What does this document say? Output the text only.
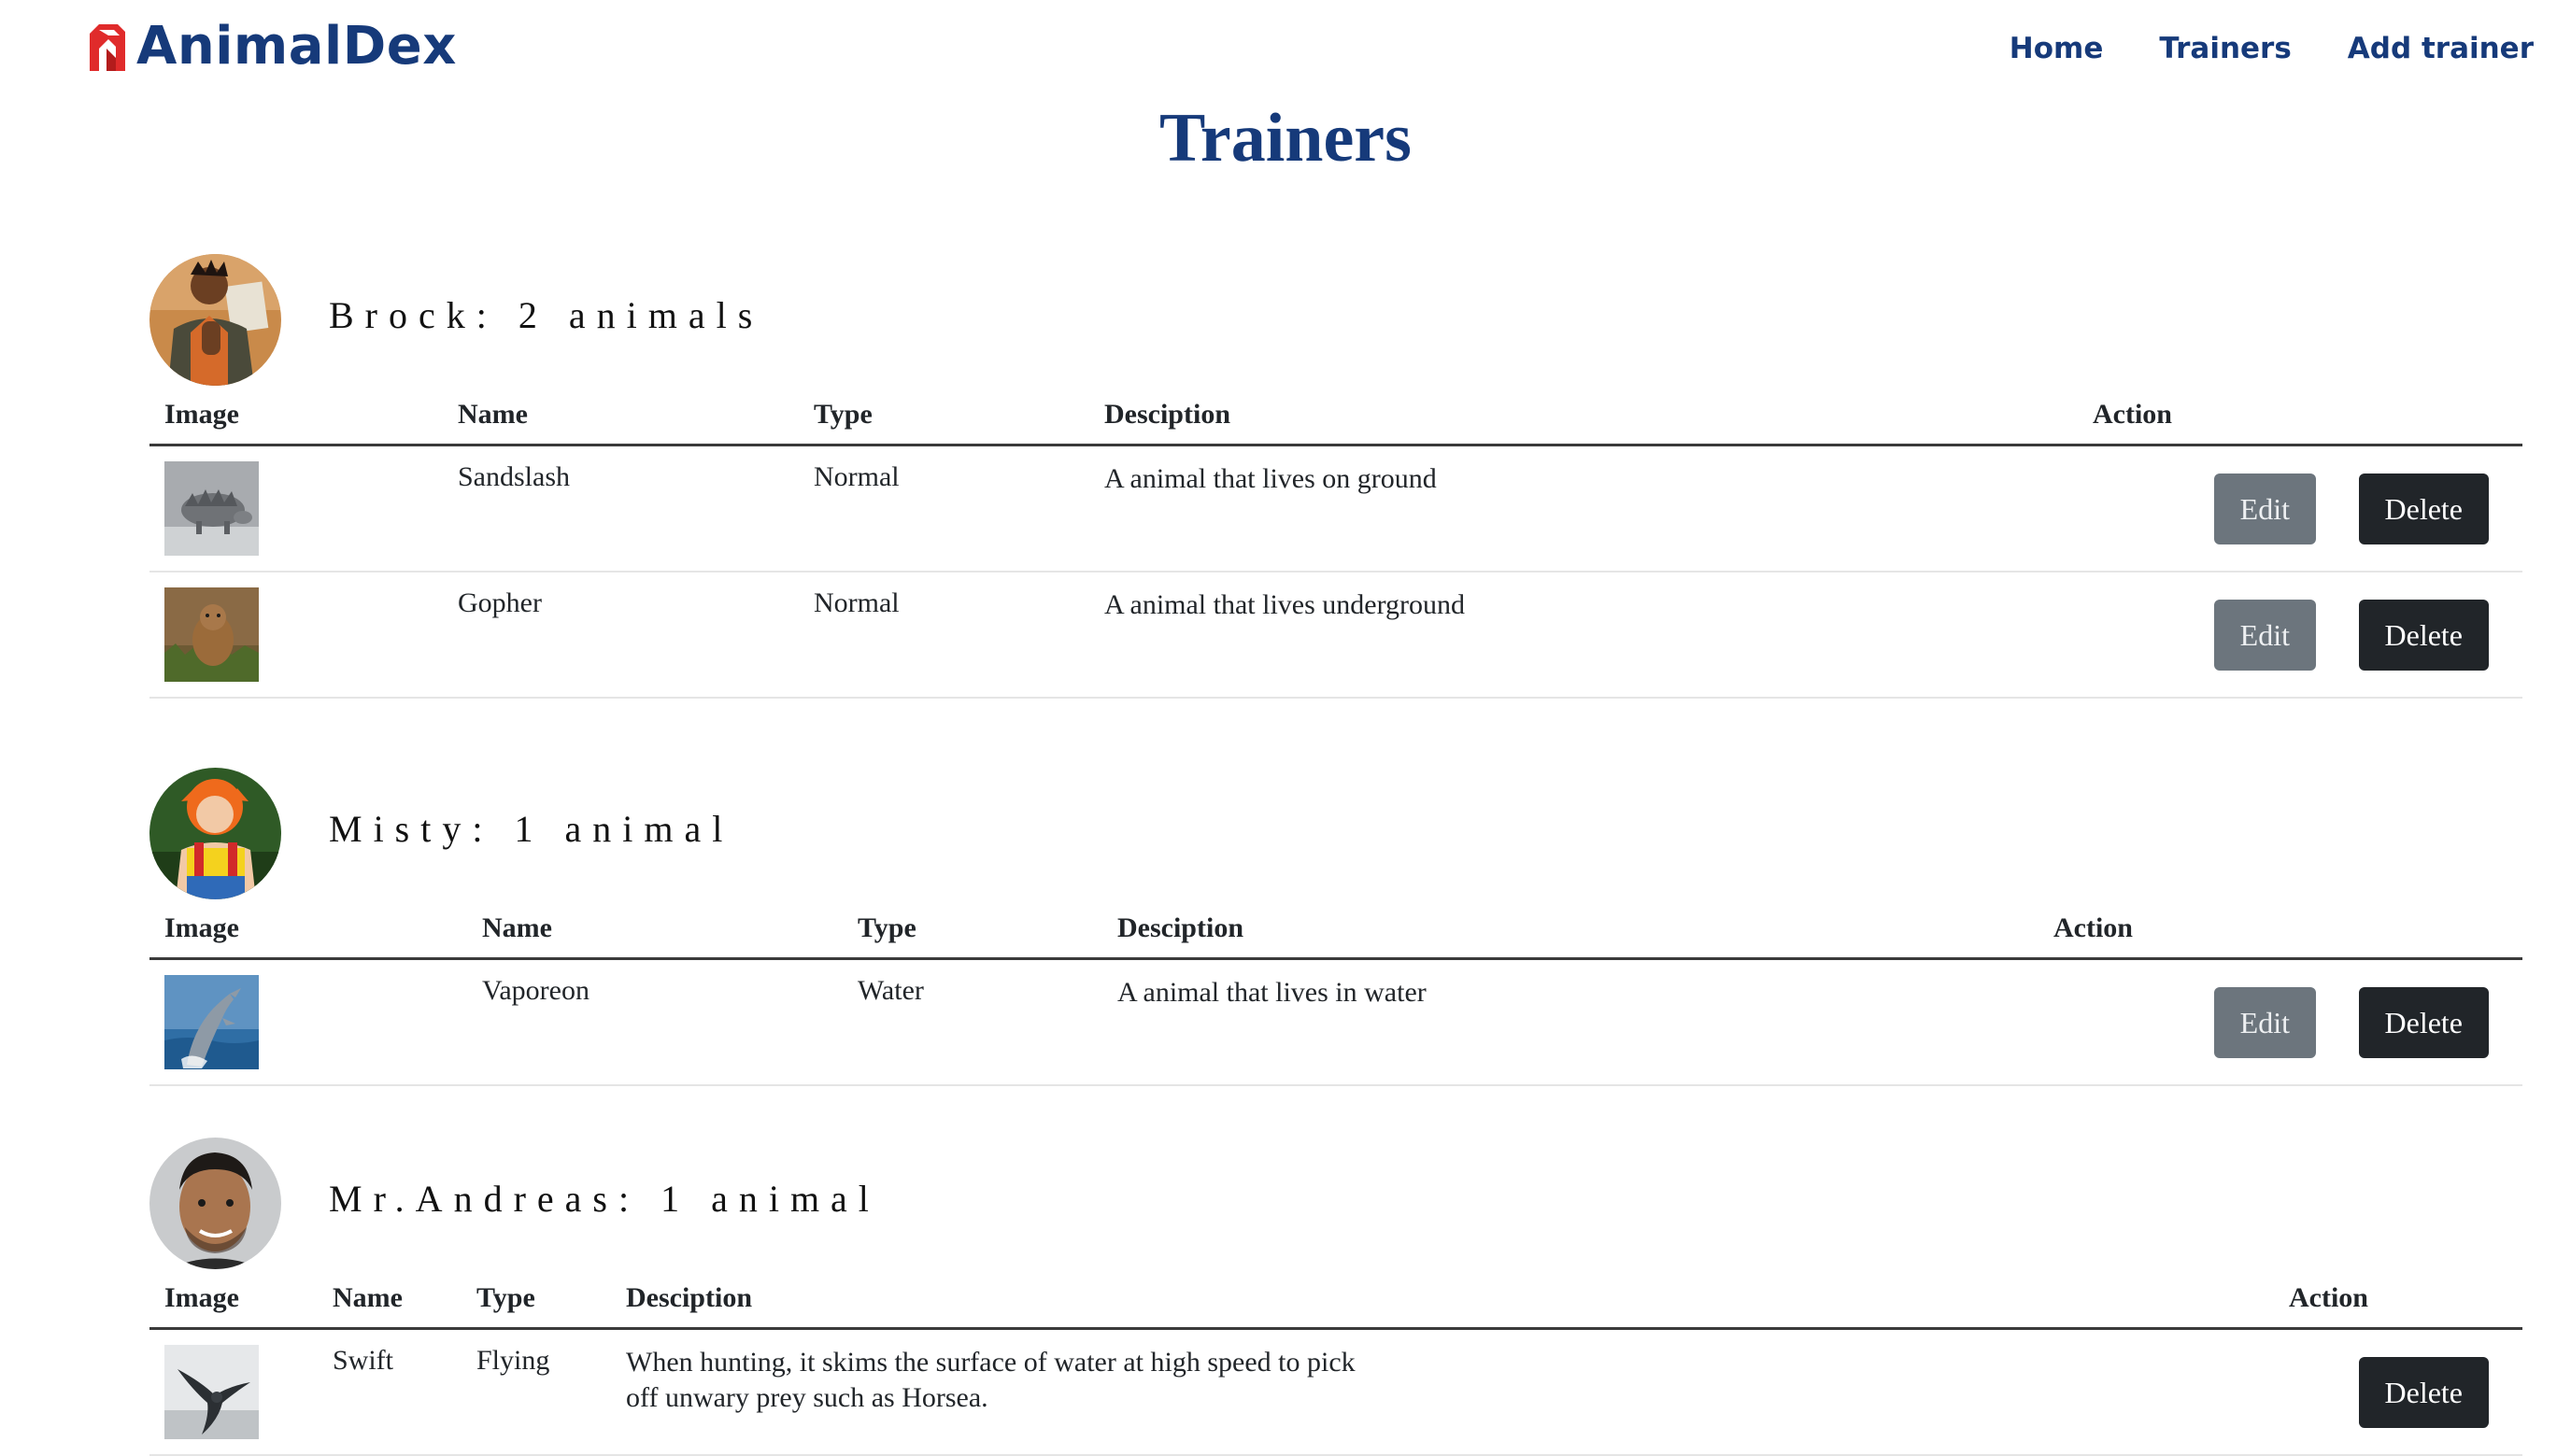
AnimalDex	Home Trainers Add trainer
Trainers
Brock: 2 animals
Image	Name	Type	Desciption	Action

	Sandslash	Normal	A animal that lives on ground	Edit Delete

	Gopher	Normal	A animal that lives underground	Edit Delete
Misty: 1 animal
Image	Name	Type	Desciption	Action

	Vaporeon	Water	A animal that lives in water	Edit Delete
Mr.Andreas: 1 animal
Image	Name	Type	Desciption	Action

	Swift	Flying	When hunting, it skims the surface of water at high speed to pick
off unwary prey such as Horsea.	Delete
